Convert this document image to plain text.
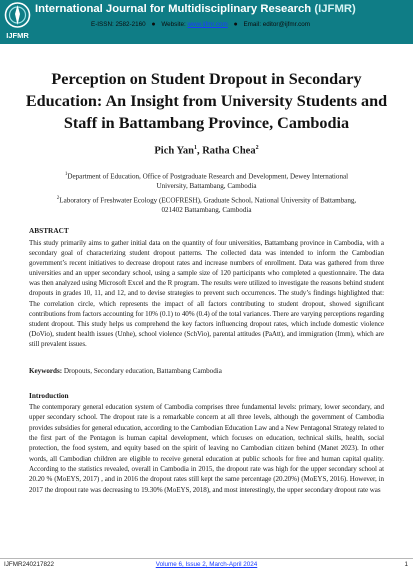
IJFMR
International Journal for Multidisciplinary Research (IJFMR)
E-ISSN: 2582-2160 ● Website: www.ijfmr.com ● Email: editor@ijfmr.com
Perception on Student Dropout in Secondary Education: An Insight from University Students and Staff in Battambang Province, Cambodia
Pich Yan$^1$, Ratha Chea$^2$
$^1$Department of Education, Office of Postgraduate Research and Development, Dewey International University, Battambang, Cambodia
$^2$Laboratory of Freshwater Ecology (ECOFRESH), Graduate School, National University of Battambang, 021402 Battambang, Cambodia
ABSTRACT
This study primarily aims to gather initial data on the quantity of four universities, Battambang province in Cambodia, with a secondary goal of characterizing student dropout patterns. The collected data was intended to inform the Cambodian government’s recent initiatives to decrease dropout rates and increase numbers of enrollment. Data was gathered from three universities and an upper secondary school, using a sample size of 120 participants who completed a questionnaire. The data was then analyzed using Microsoft Excel and the R program. The results were utilized to investigate the reasons behind student dropouts in grades 10, 11, and 12, and to devise strategies to prevent such occurrences. The study’s findings highlighted that: The correlation circle, which represents the impact of all factors contributing to student dropout, showed significant contributions from factors accounting for 10% (0.1) to 40% (0.4) of the total variances. There are varying perceptions regarding student dropout. This study helps us comprehend the key factors influencing dropout rates, which include domestic violence (DoVio), student health issues (Unhe), school violence (SchVio), parental attitudes (PaAtt), and immigration (Imm), which are still prevalent issues.
Keywords: Dropouts, Secondary education, Battambang Cambodia
Introduction
The contemporary general education system of Cambodia comprises three fundamental levels: primary, lower secondary, and upper secondary school. The dropout rate is a remarkable concern at all three levels, although the government of Cambodia provides subsidies for general education, according to the Cambodian Education Law and a New Pentagonal Strategy related to the first part of the Pentagon is human capital development, which focuses on education, technical skills, health, social protection, the food system, and equity based on the spirit of leaving no Cambodian citizen behind (Manet 2023). In other words, all Cambodian children are eligible to receive general education at public schools for free and human capital quality. According to the statistics revealed, overall in Cambodia in 2015, the dropout rate was high for the upper secondary school at 20.20 % (MoEYS, 2017) , and in 2016 the dropout rates still kept the same percentage (20.20%) (MoEYS, 2016). However, in 2017 the dropout rate was decreasing to 19.30% (MoEYS, 2018), and most interestingly, the upper secondary dropout rate was
IJFMR240217822	Volume 6, Issue 2, March-April 2024	1
